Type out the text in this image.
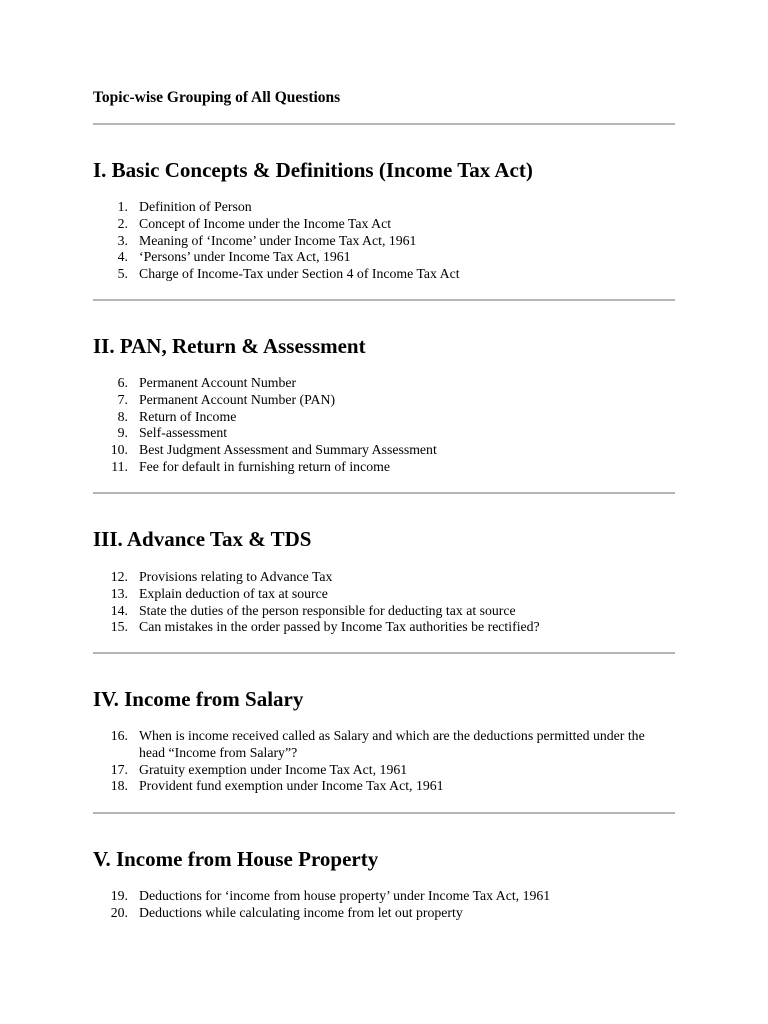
Topic-wise Grouping of All Questions

I. Basic Concepts & Definitions (Income Tax Act)
1. Definition of Person
2. Concept of Income under the Income Tax Act
3. Meaning of ‘Income’ under Income Tax Act, 1961
4. ‘Persons’ under Income Tax Act, 1961
5. Charge of Income-Tax under Section 4 of Income Tax Act
II. PAN, Return & Assessment
6. Permanent Account Number
7. Permanent Account Number (PAN)
8. Return of Income
9. Self-assessment
10. Best Judgment Assessment and Summary Assessment
11. Fee for default in furnishing return of income
III. Advance Tax & TDS
12. Provisions relating to Advance Tax
13. Explain deduction of tax at source
14. State the duties of the person responsible for deducting tax at source
15. Can mistakes in the order passed by Income Tax authorities be rectified?
IV. Income from Salary
16. When is income received called as Salary and which are the deductions permitted under the head “Income from Salary”?
17. Gratuity exemption under Income Tax Act, 1961
18. Provident fund exemption under Income Tax Act, 1961
V. Income from House Property
19. Deductions for ‘income from house property’ under Income Tax Act, 1961
20. Deductions while calculating income from let out property
